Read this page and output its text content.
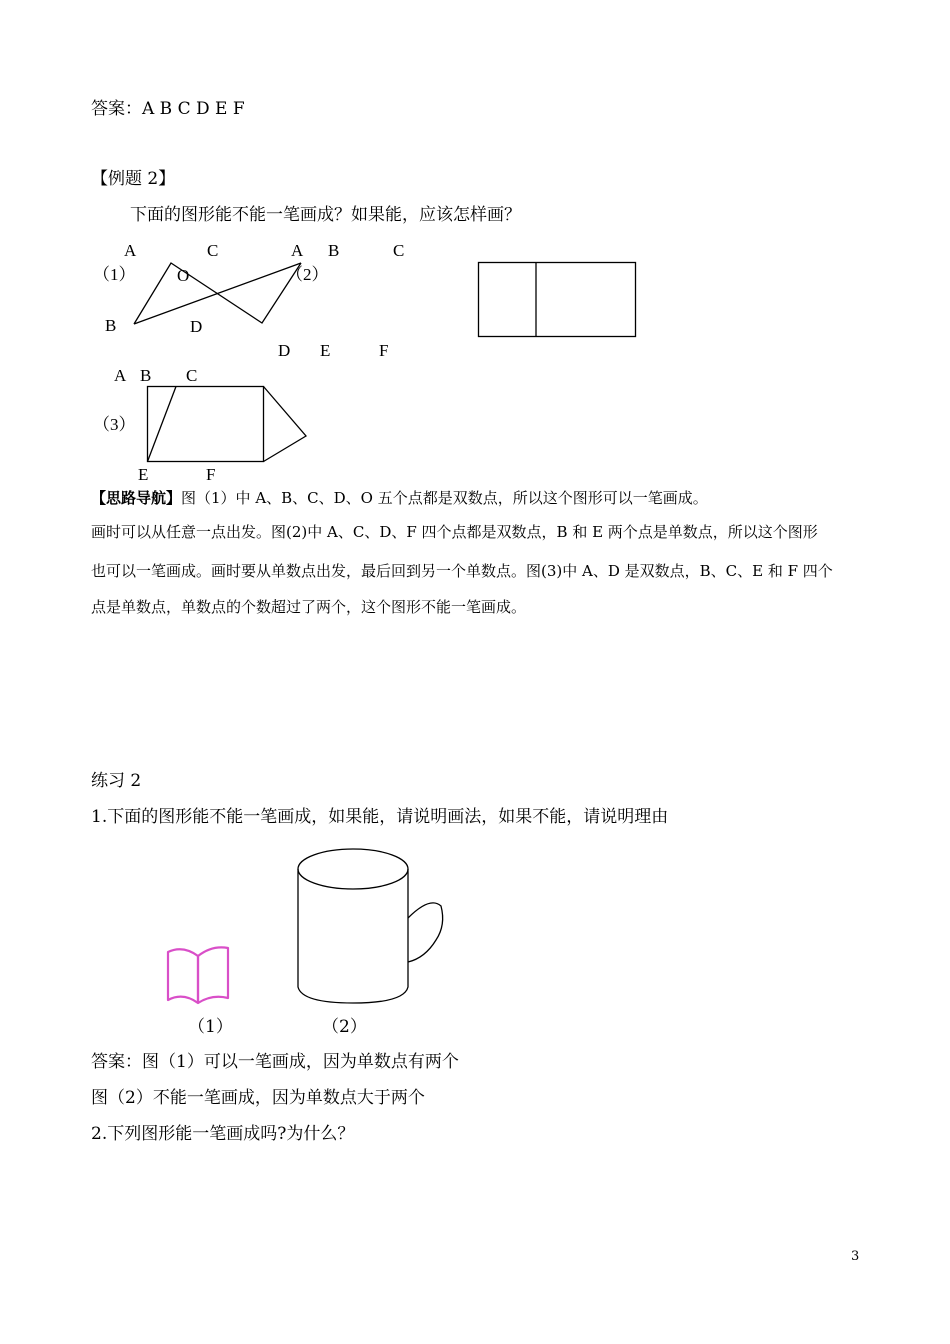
答案：A B C D E F
【例题 2】
下面的图形能不能一笔画成？如果能，应该怎样画？
A	C
（1） O
B	D
A B	C
（2）
D E	F
A B C
（3）
E	F
【思路导航】图（1）中 A、B、C、D、O 五个点都是双数点，所以这个图形可以一笔画成。
画时可以从任意一点出发。图(2)中 A、C、D、F 四个点都是双数点，B 和 E 两个点是单数点，所以这个图形
也可以一笔画成。画时要从单数点出发，最后回到另一个单数点。图(3)中 A、D 是双数点，B、C、E 和 F 四个
点是单数点，单数点的个数超过了两个，这个图形不能一笔画成。
练习 2
1.下面的图形能不能一笔画成，如果能，请说明画法，如果不能，请说明理由
（1）	（2）
答案：图（1）可以一笔画成，因为单数点有两个
图（2）不能一笔画成，因为单数点大于两个
2.下列图形能一笔画成吗?为什么？
3
